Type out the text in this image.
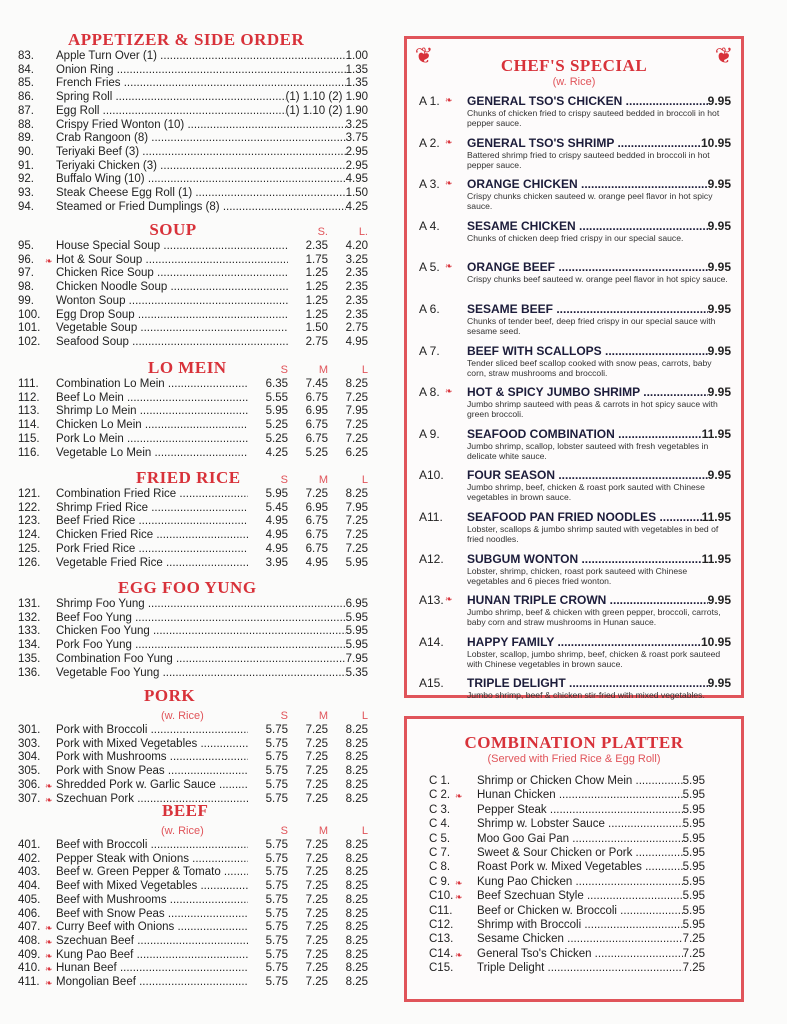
APPETIZER & SIDE ORDER
83.	Apple Turn Over (1) .....	1.00
84.	Onion Ring .....	1.35
85.	French Fries .....	1.35
86.	Spring Roll .....	(1) 1.10 (2) 1.90
87.	Egg Roll .....	(1) 1.10 (2) 1.90
88.	Crispy Fried Wonton (10) .....	3.25
89.	Crab Rangoon (8) .....	3.75
90.	Teriyaki Beef (3) .....	2.95
91.	Teriyaki Chicken (3) .....	2.95
92.	Buffalo Wing (10) .....	4.95
93.	Steak Cheese Egg Roll (1) .....	1.50
94.	Steamed or Fried Dumplings (8) .....	4.25
SOUP	S.	L.
95.	House Special Soup .....	2.35	4.20
96. ❧ Hot & Sour Soup .....	1.75	3.25
97.	Chicken Rice Soup .....	1.25	2.35
98.	Chicken Noodle Soup .....	1.25	2.35
99.	Wonton Soup .....	1.25	2.35
100.	Egg Drop Soup .....	1.25	2.35
101.	Vegetable Soup .....	1.50	2.75
102.	Seafood Soup .....	2.75	4.95
LO MEIN	S	M	L
111.	Combination Lo Mein .....	6.35	7.45	8.25
112.	Beef Lo Mein .....	5.55	6.75	7.25
113.	Shrimp Lo Mein .....	5.95	6.95	7.95
114.	Chicken Lo Mein .....	5.25	6.75	7.25
115.	Pork Lo Mein .....	5.25	6.75	7.25
116.	Vegetable Lo Mein .....	4.25	5.25	6.25
FRIED RICE	S	M	L
121.	Combination Fried Rice .....	5.95	7.25	8.25
122.	Shrimp Fried Rice .....	5.45	6.95	7.95
123.	Beef Fried Rice .....	4.95	6.75	7.25
124.	Chicken Fried Rice .....	4.95	6.75	7.25
125.	Pork Fried Rice .....	4.95	6.75	7.25
126.	Vegetable Fried Rice .....	3.95	4.95	5.95
EGG FOO YUNG
131.	Shrimp Foo Yung .....	6.95
132.	Beef Foo Yung .....	5.95
133.	Chicken Foo Yung .....	5.95
134.	Pork Foo Yung .....	5.95
135.	Combination Foo Yung .....	7.95
136.	Vegetable Foo Yung .....	5.35
PORK
(w. Rice)	S	M	L
301.	Pork with Broccoli .....	5.75	7.25	8.25
303.	Pork with Mixed Vegetables .....	5.75	7.25	8.25
304.	Pork with Mushrooms .....	5.75	7.25	8.25
305.	Pork with Snow Peas .....	5.75	7.25	8.25
306. ❧ Shredded Pork w. Garlic Sauce .....	5.75	7.25	8.25
307. ❧ Szechuan Pork .....	5.75	7.25	8.25
BEEF
(w. Rice)	S	M	L
401.	Beef with Broccoli .....	5.75	7.25	8.25
402.	Pepper Steak with Onions .....	5.75	7.25	8.25
403.	Beef w. Green Pepper & Tomato .....	5.75	7.25	8.25
404.	Beef with Mixed Vegetables .....	5.75	7.25	8.25
405.	Beef with Mushrooms .....	5.75	7.25	8.25
406.	Beef with Snow Peas .....	5.75	7.25	8.25
407. ❧ Curry Beef with Onions .....	5.75	7.25	8.25
408. ❧ Szechuan Beef .....	5.75	7.25	8.25
409. ❧ Kung Pao Beef .....	5.75	7.25	8.25
410. ❧ Hunan Beef .....	5.75	7.25	8.25
411. ❧ Mongolian Beef .....	5.75	7.25	8.25
❦	❦
CHEF'S SPECIAL
(w. Rice)
A 1. ❧ GENERAL TSO'S CHICKEN .....	9.95
Chunks of chicken fried to crispy sauteed bedded in broccoli in hot pepper sauce.
A 2. ❧ GENERAL TSO'S SHRIMP .....	10.95
Battered shrimp fried to crispy sauteed bedded in broccoli in hot pepper sauce.
A 3. ❧ ORANGE CHICKEN .....	9.95
Crispy chunks chicken sauteed w. orange peel flavor in hot spicy sauce.
A 4.	SESAME CHICKEN .....	9.95
Chunks of chicken deep fried crispy in our special sauce.
A 5. ❧ ORANGE BEEF .....	9.95
Crispy chunks beef sauteed w. orange peel flavor in hot spicy sauce.
A 6.	SESAME BEEF .....	9.95
Chunks of tender beef, deep fried crispy in our special sauce with sesame seed.
A 7.	BEEF WITH SCALLOPS .....	9.95
Tender sliced beef scallop cooked with snow peas, carrots, baby corn, straw mushrooms and broccoli.
A 8. ❧ HOT & SPICY JUMBO SHRIMP .....	9.95
Jumbo shrimp sauteed with peas & carrots in hot spicy sauce with green broccoli.
A 9.	SEAFOOD COMBINATION .....	11.95
Jumbo shrimp, scallop, lobster sauteed with fresh vegetables in delicate white sauce.
A10.	FOUR SEASON .....	9.95
Jumbo shrimp, beef, chicken & roast pork sauted with Chinese vegetables in brown sauce.
A11.	SEAFOOD PAN FRIED NOODLES .....	11.95
Lobster, scallops & jumbo shrimp sauted with vegetables in bed of fried noodles.
A12.	SUBGUM WONTON .....	11.95
Lobster, shrimp, chicken, roast pork sauteed with Chinese vegetables and 6 pieces fried wonton.
A13. ❧ HUNAN TRIPLE CROWN .....	9.95
Jumbo shrimp, beef & chicken with green pepper, broccoli, carrots, baby corn and straw mushrooms in Hunan sauce.
A14.	HAPPY FAMILY .....	10.95
Lobster, scallop, jumbo shrimp, beef, chicken & roast pork sauteed with Chinese vegetables in brown sauce.
A15.	TRIPLE DELIGHT .....	9.95
Jumbo shrimp, beef & chicken stir-fried with mixed vegetables.
COMBINATION PLATTER
(Served with Fried Rice & Egg Roll)
C 1.	Shrimp or Chicken Chow Mein .....	5.95
C 2. ❧ Hunan Chicken .....	5.95
C 3.	Pepper Steak .....	5.95
C 4.	Shrimp w. Lobster Sauce .....	5.95
C 5.	Moo Goo Gai Pan .....	5.95
C 7.	Sweet & Sour Chicken or Pork .....	5.95
C 8.	Roast Pork w. Mixed Vegetables .....	5.95
C 9. ❧ Kung Pao Chicken .....	5.95
C10. ❧ Beef Szechuan Style .....	5.95
C11.	Beef or Chicken w. Broccoli .....	5.95
C12.	Shrimp with Broccoli .....	5.95
C13.	Sesame Chicken .....	7.25
C14. ❧ General Tso's Chicken .....	7.25
C15.	Triple Delight .....	7.25
